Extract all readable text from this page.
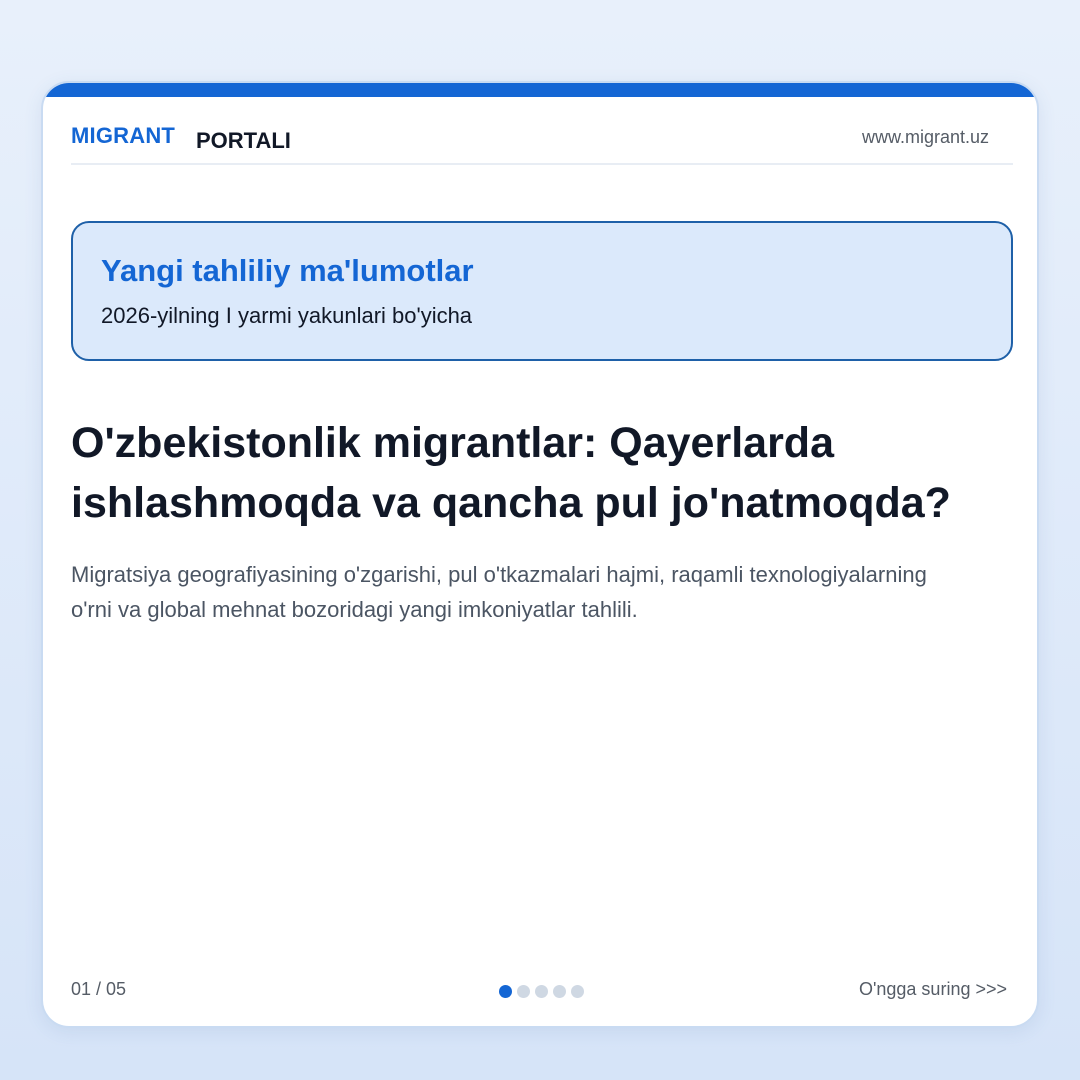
MIGRANT PORTALI	www.migrant.uz
Yangi tahliliy ma'lumotlar
2026-yilning I yarmi yakunlari bo'yicha
O'zbekistonlik migrantlar: Qayerlarda ishlashmoqda va qancha pul jo'natmoqda?

Migratsiya geografiyasining o'zgarishi, pul o'tkazmalari hajmi, raqamli texnologiyalarning o'rni va global mehnat bozoridagi yangi imkoniyatlar tahlili.

01 / 05	O'ngga suring >>>
